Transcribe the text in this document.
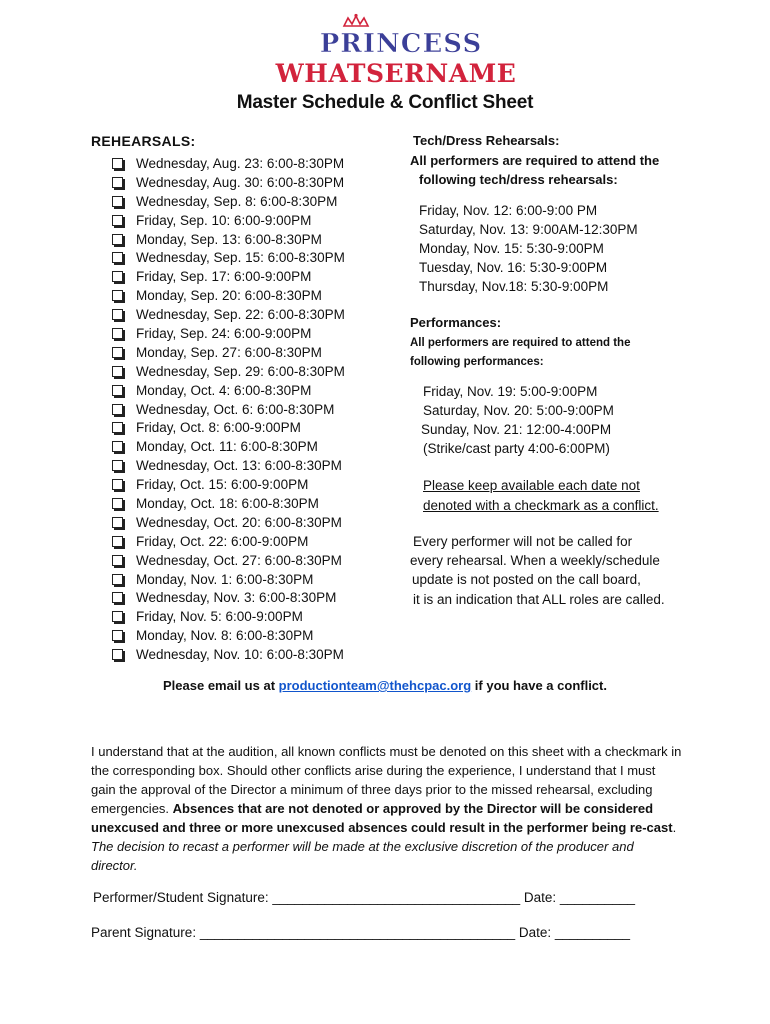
PRINCESS
WHATSERNAME
Master Schedule & Conflict Sheet
REHEARSALS:
Wednesday, Aug. 23: 6:00-8:30PM
Wednesday, Aug. 30: 6:00-8:30PM
Wednesday, Sep. 8: 6:00-8:30PM
Friday, Sep. 10: 6:00-9:00PM
Monday, Sep. 13: 6:00-8:30PM
Wednesday, Sep. 15: 6:00-8:30PM
Friday, Sep. 17: 6:00-9:00PM
Monday, Sep. 20: 6:00-8:30PM
Wednesday, Sep. 22: 6:00-8:30PM
Friday, Sep. 24: 6:00-9:00PM
Monday, Sep. 27: 6:00-8:30PM
Wednesday, Sep. 29: 6:00-8:30PM
Monday, Oct. 4: 6:00-8:30PM
Wednesday, Oct. 6: 6:00-8:30PM
Friday, Oct. 8: 6:00-9:00PM
Monday, Oct. 11: 6:00-8:30PM
Wednesday, Oct. 13: 6:00-8:30PM
Friday, Oct. 15: 6:00-9:00PM
Monday, Oct. 18: 6:00-8:30PM
Wednesday, Oct. 20: 6:00-8:30PM
Friday, Oct. 22: 6:00-9:00PM
Wednesday, Oct. 27: 6:00-8:30PM
Monday, Nov. 1: 6:00-8:30PM
Wednesday, Nov. 3: 6:00-8:30PM
Friday, Nov. 5: 6:00-9:00PM
Monday, Nov. 8: 6:00-8:30PM
Wednesday, Nov. 10: 6:00-8:30PM
Tech/Dress Rehearsals:
All performers are required to attend the
following tech/dress rehearsals:
Friday, Nov. 12: 6:00-9:00 PM
Saturday, Nov. 13: 9:00AM-12:30PM
Monday, Nov. 15: 5:30-9:00PM
Tuesday, Nov. 16: 5:30-9:00PM
Thursday, Nov.18: 5:30-9:00PM
Performances:
All performers are required to attend the
following performances:
Friday, Nov. 19: 5:00-9:00PM
Saturday, Nov. 20: 5:00-9:00PM
Sunday, Nov. 21: 12:00-4:00PM
(Strike/cast party 4:00-6:00PM)
Please keep available each date not
denoted with a checkmark as a conflict.
Every performer will not be called for
every rehearsal. When a weekly/schedule
update is not posted on the call board,
it is an indication that ALL roles are called.
Please email us at productionteam@thehcpac.org if you have a conflict.
I understand that at the audition, all known conflicts must be denoted on this sheet with a checkmark in the corresponding box. Should other conflicts arise during the experience, I understand that I must gain the approval of the Director a minimum of three days prior to the missed rehearsal, excluding emergencies. Absences that are not denoted or approved by the Director will be considered unexcused and three or more unexcused absences could result in the performer being re-cast. The decision to recast a performer will be made at the exclusive discretion of the producer and director.
Performer/Student Signature: _________________________________ Date: __________
Parent Signature: __________________________________________ Date: __________
